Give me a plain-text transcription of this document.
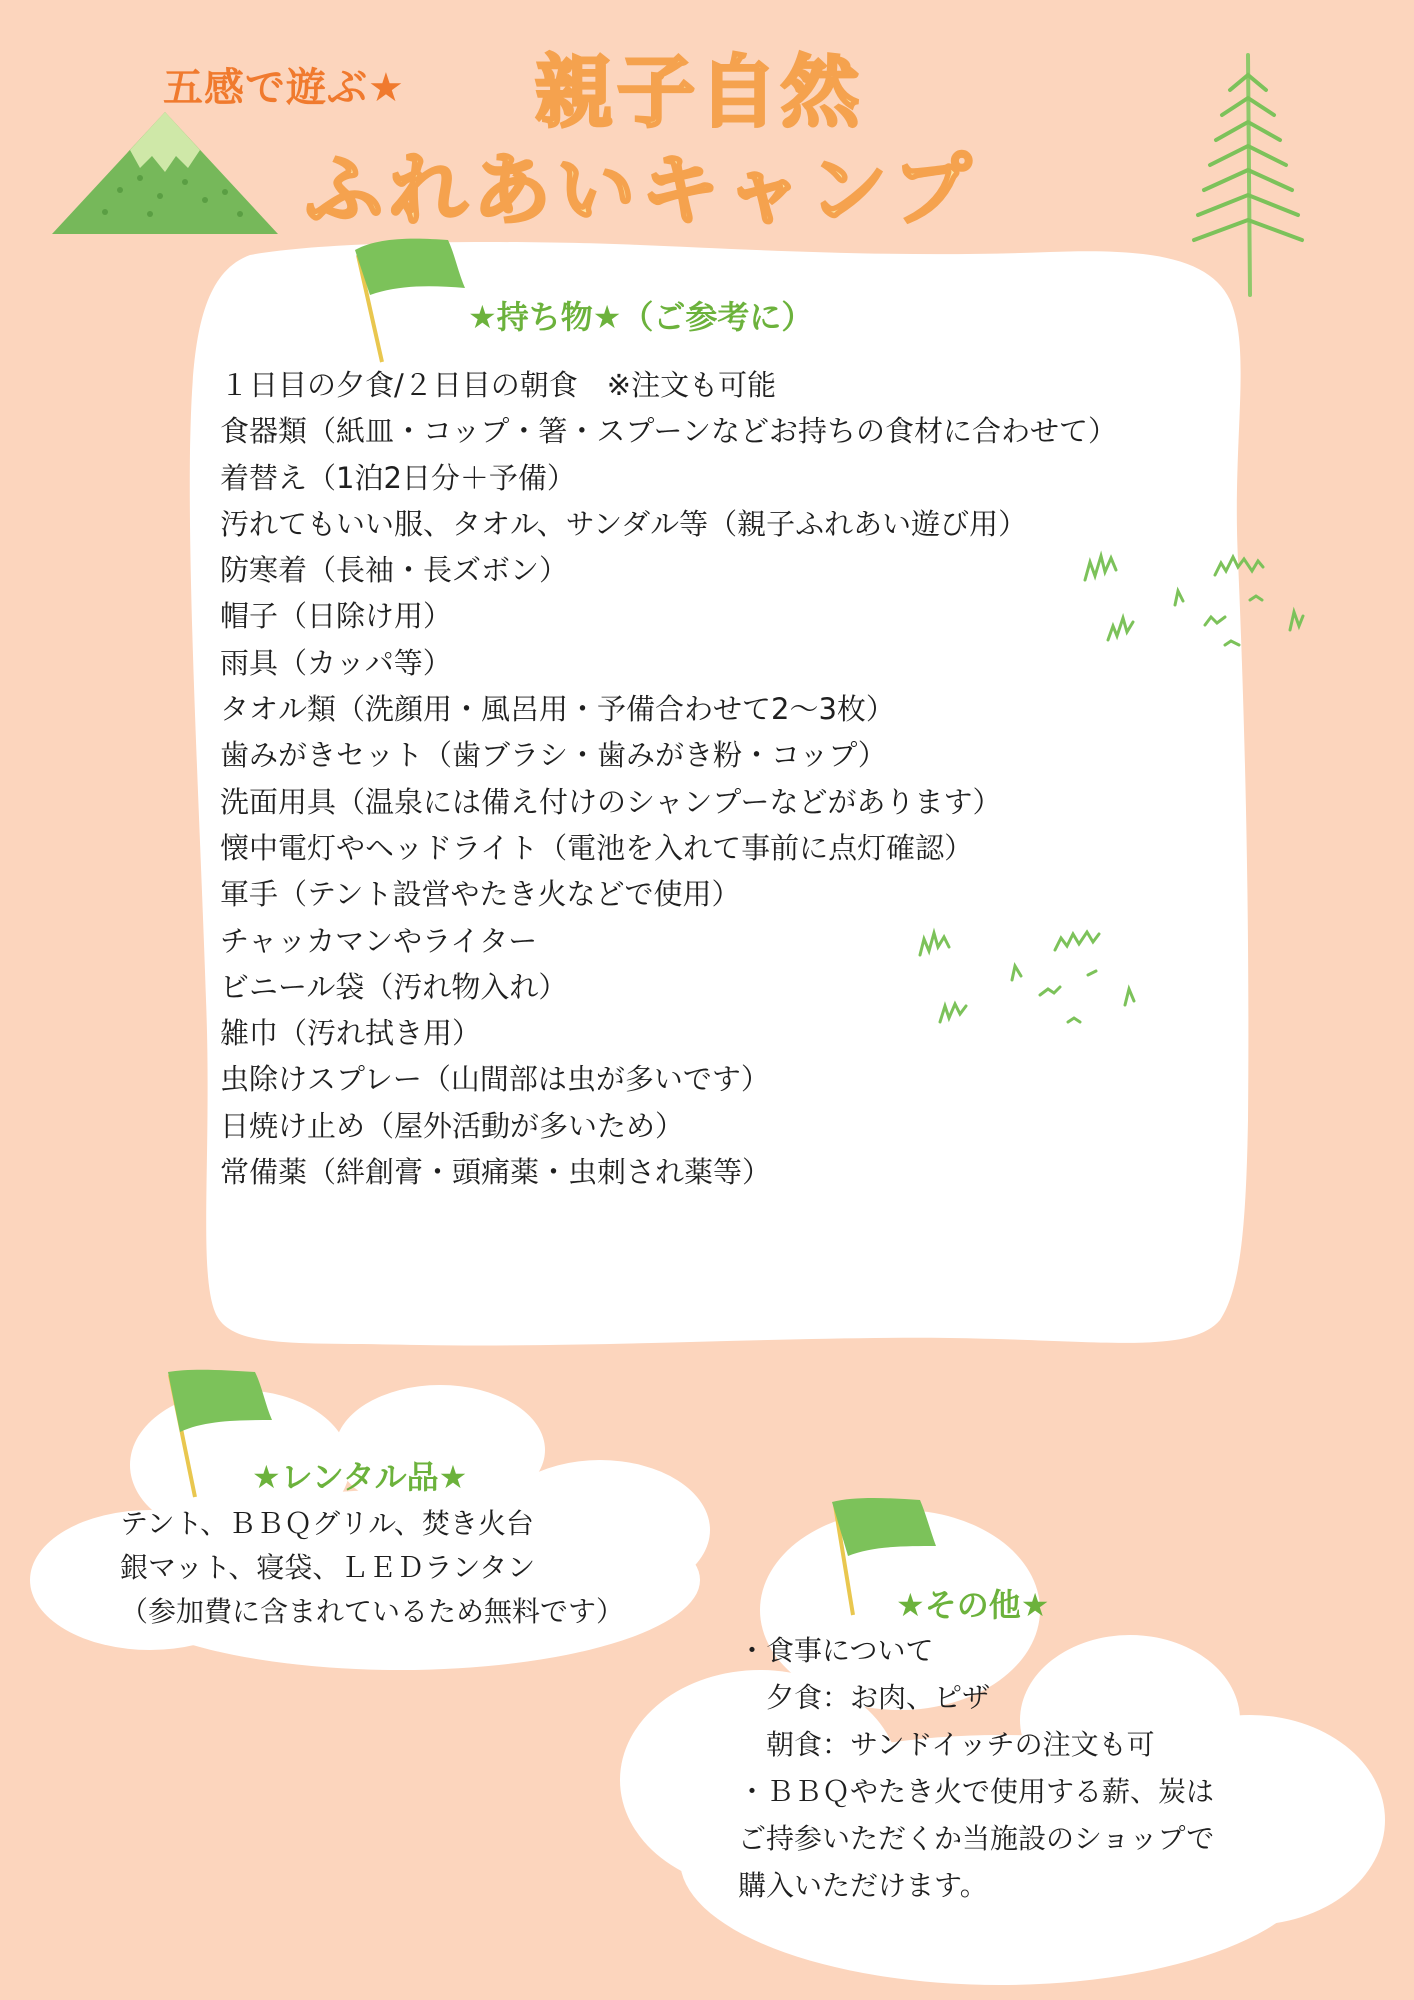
五感で遊ぶ★ 親子自然
ふれあいキャンプ
★持ち物★（ご参考に）
１日目の夕食/２日目の朝食　※注文も可能
食器類（紙皿・コップ・箸・スプーンなどお持ちの食材に合わせて）
着替え（1泊2日分＋予備）
汚れてもいい服、タオル、サンダル等（親子ふれあい遊び用）
防寒着（長袖・長ズボン）
帽子（日除け用）
雨具（カッパ等）
タオル類（洗顔用・風呂用・予備合わせて2～3枚）
歯みがきセット（歯ブラシ・歯みがき粉・コップ）
洗面用具（温泉には備え付けのシャンプーなどがあります）
懐中電灯やヘッドライト（電池を入れて事前に点灯確認）
軍手（テント設営やたき火などで使用）
チャッカマンやライター
ビニール袋（汚れ物入れ）
雑巾（汚れ拭き用）
虫除けスプレー（山間部は虫が多いです）
日焼け止め（屋外活動が多いため）
常備薬（絆創膏・頭痛薬・虫刺され薬等）
★レンタル品★
テント、ＢＢＱグリル、焚き火台
銀マット、寝袋、ＬＥＤランタン
（参加費に含まれているため無料です）	★その他★
・食事について
　夕食：お肉、ピザ
　朝食：サンドイッチの注文も可
・ＢＢＱやたき火で使用する薪、炭は
ご持参いただくか当施設のショップで
購入いただけます。
